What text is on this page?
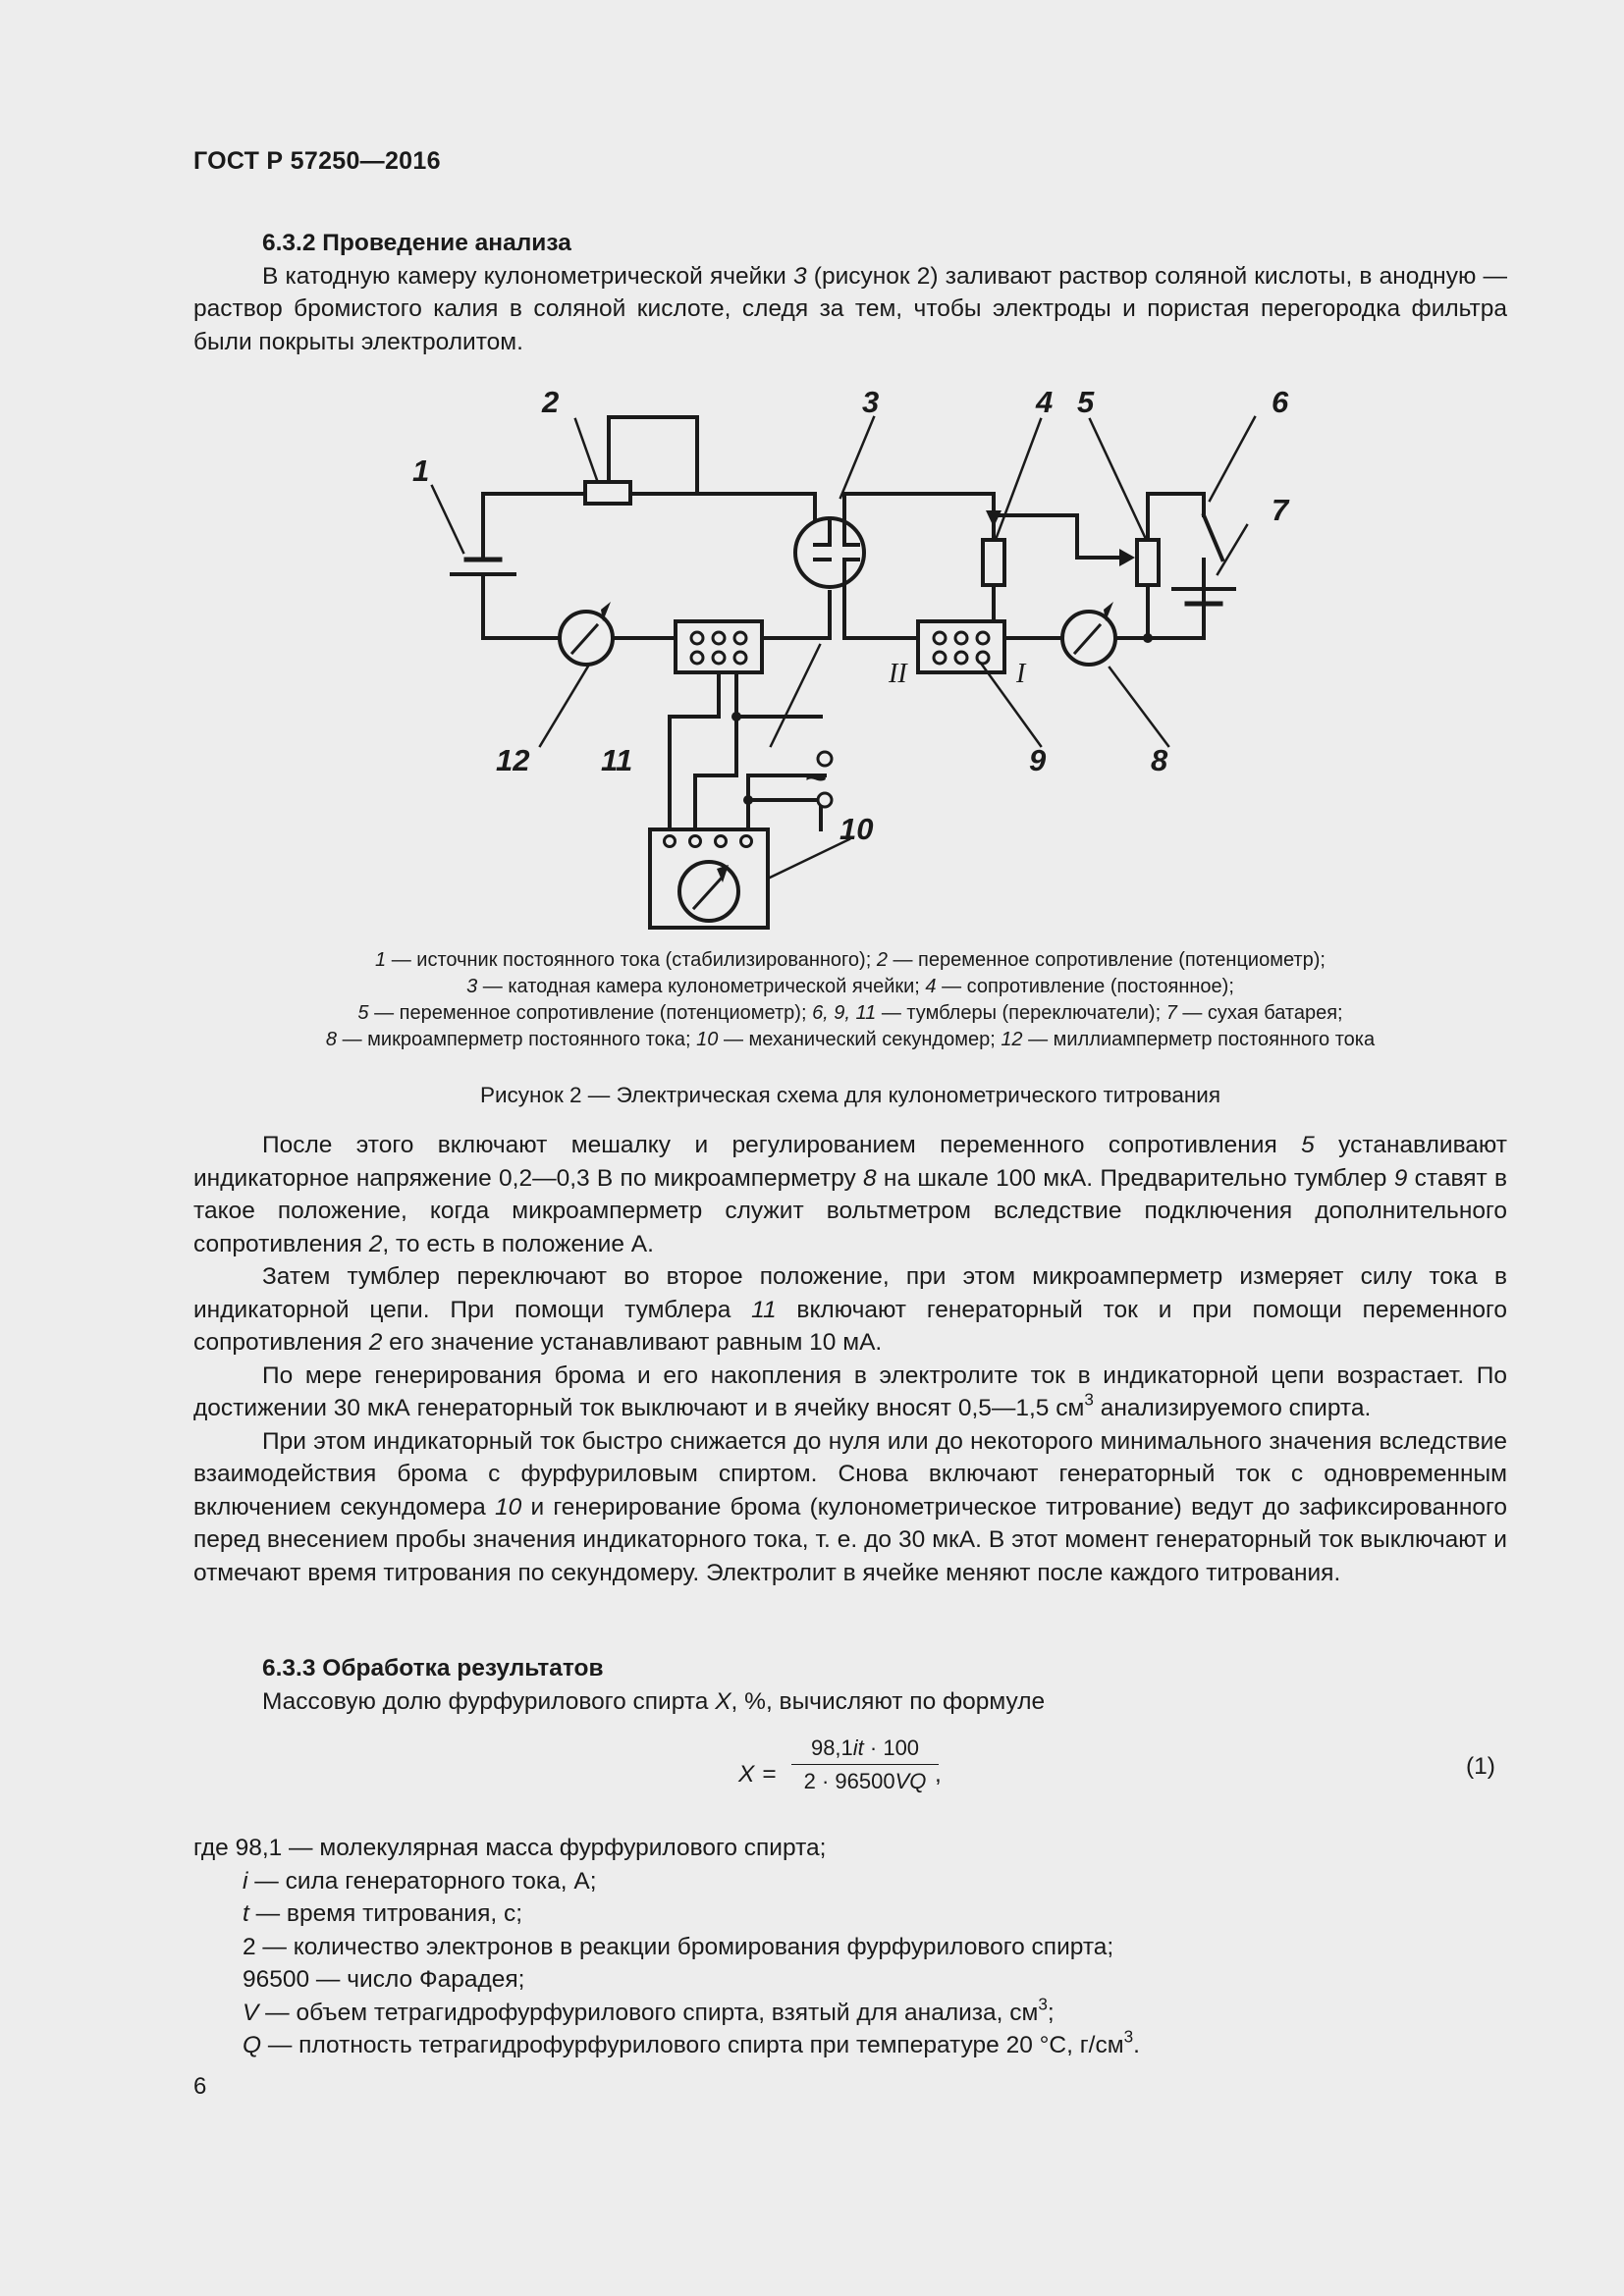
ГОСТ Р 57250—2016
6.3.2 Проведение анализа

В катодную камеру кулонометрической ячейки 3 (рисунок 2) заливают раствор соляной кислоты, в анодную — раствор бромистого калия в соляной кислоте, следя за тем, чтобы электроды и пористая перегородка фильтра были покрыты электролитом.

1
2	3	4 5	6
7
8
9
10
11
12
II	I
~
1 — источник постоянного тока (стабилизированного); 2 — переменное сопротивление (потенциометр);
3 — катодная камера кулонометрической ячейки; 4 — сопротивление (постоянное);
5 — переменное сопротивление (потенциометр); 6, 9, 11 — тумблеры (переключатели); 7 — сухая батарея;
8 — микроамперметр постоянного тока; 10 — механический секундомер; 12 — миллиамперметр постоянного тока
Рисунок 2 — Электрическая схема для кулонометрического титрования

После этого включают мешалку и регулированием переменного сопротивления 5 устанавливают индикаторное напряжение 0,2—0,3 В по микроамперметру 8 на шкале 100 мкА. Предварительно тумблер 9 ставят в такое положение, когда микроамперметр служит вольтметром вследствие подключения дополнительного сопротивления 2, то есть в положение А.

Затем тумблер переключают во второе положение, при этом микроамперметр измеряет силу тока в индикаторной цепи. При помощи тумблера 11 включают генераторный ток и при помощи переменного сопротивления 2 его значение устанавливают равным 10 мА.

По мере генерирования брома и его накопления в электролите ток в индикаторной цепи возрастает. По достижении 30 мкА генераторный ток выключают и в ячейку вносят 0,5—1,5 $см^3$ анализируемого спирта.

При этом индикаторный ток быстро снижается до нуля или до некоторого минимального значения вследствие взаимодействия брома с фурфуриловым спиртом. Снова включают генераторный ток с одновременным включением секундомера 10 и генерирование брома (кулонометрическое титрование) ведут до зафиксированного перед внесением пробы значения индикаторного тока, т. е. до 30 мкА. В этот момент генераторный ток выключают и отмечают время титрования по секундомеру. Электролит в ячейке меняют после каждого титрования.

6.3.3 Обработка результатов

Массовую долю фурфурилового спирта X, %, вычисляют по формуле

$X = \frac{98,1it \cdot 100}{2 \cdot 96500VQ}$
,	(1)
где 98,1 — молекулярная масса фурфурилового спирта;
i — сила генераторного тока, А;
t — время титрования, с;
2 — количество электронов в реакции бромирования фурфурилового спирта;
96500 — число Фарадея;
V — объем тетрагидрофурфурилового спирта, взятый для анализа, $см^3$;
Q — плотность тетрагидрофурфурилового спирта при температуре 20 °С, $г/см^3$.
6
